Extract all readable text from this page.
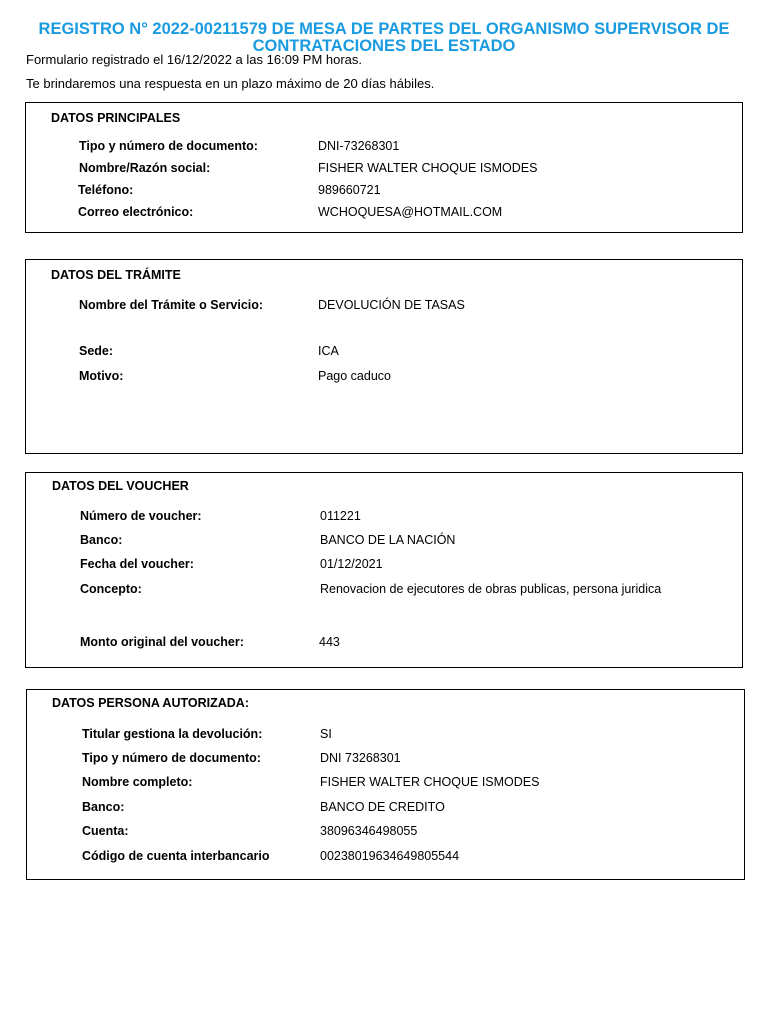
REGISTRO N° 2022-00211579 DE MESA DE PARTES DEL ORGANISMO SUPERVISOR DE
CONTRATACIONES DEL ESTADO

Formulario registrado el 16/12/2022 a las 16:09 PM horas.

Te brindaremos una respuesta en un plazo máximo de 20 días hábiles.

DATOS PRINCIPALES
Tipo y número de documento:	DNI-73268301
Nombre/Razón social:	FISHER WALTER CHOQUE ISMODES
Teléfono:	989660721
Correo electrónico:	WCHOQUESA@HOTMAIL.COM
DATOS DEL TRÁMITE
Nombre del Trámite o Servicio:	DEVOLUCIÓN DE TASAS
Sede:	ICA
Motivo:	Pago caduco
DATOS DEL VOUCHER
Número de voucher:	011221
Banco:	BANCO DE LA NACIÓN
Fecha del voucher:	01/12/2021
Concepto:	Renovacion de ejecutores de obras publicas, persona juridica
Monto original del voucher:	443
DATOS PERSONA AUTORIZADA:
Titular gestiona la devolución:	SI
Tipo y número de documento:	DNI 73268301
Nombre completo:	FISHER WALTER CHOQUE ISMODES
Banco:	BANCO DE CREDITO
Cuenta:	38096346498055
Código de cuenta interbancario	00238019634649805544
